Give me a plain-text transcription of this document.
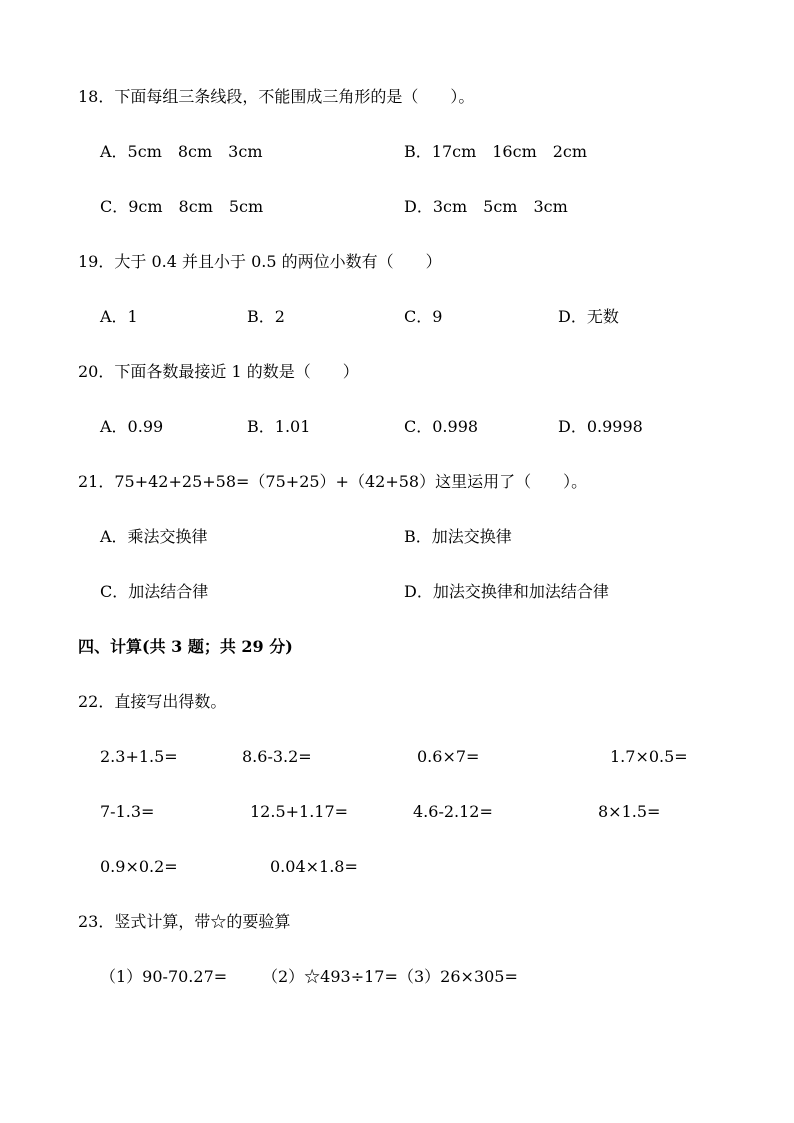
18．下面每组三条线段，不能围成三角形的是（　　）。
A．5cm　8cm　3cm	B．17cm　16cm　2cm
C．9cm　8cm　5cm	D．3cm　5cm　3cm
19．大于 0.4 并且小于 0.5 的两位小数有（　　）
A．1	B．2	C．9	D．无数
20．下面各数最接近 1 的数是（　　）
A．0.99	B．1.01	C．0.998	D．0.9998
21．75+42+25+58=（75+25）+（42+58）这里运用了（　　）。
A．乘法交换律	B．加法交换律
C．加法结合律	D．加法交换律和加法结合律
四、计算(共 3 题；共 29 分)
22．直接写出得数。
2.3+1.5=	8.6-3.2=	0.6×7=	1.7×0.5=
7-1.3=	12.5+1.17=	4.6-2.12=	8×1.5=
0.9×0.2=	0.04×1.8=
23．竖式计算，带☆的要验算
（1）90-70.27= （2）☆493÷17= （3）26×305=
